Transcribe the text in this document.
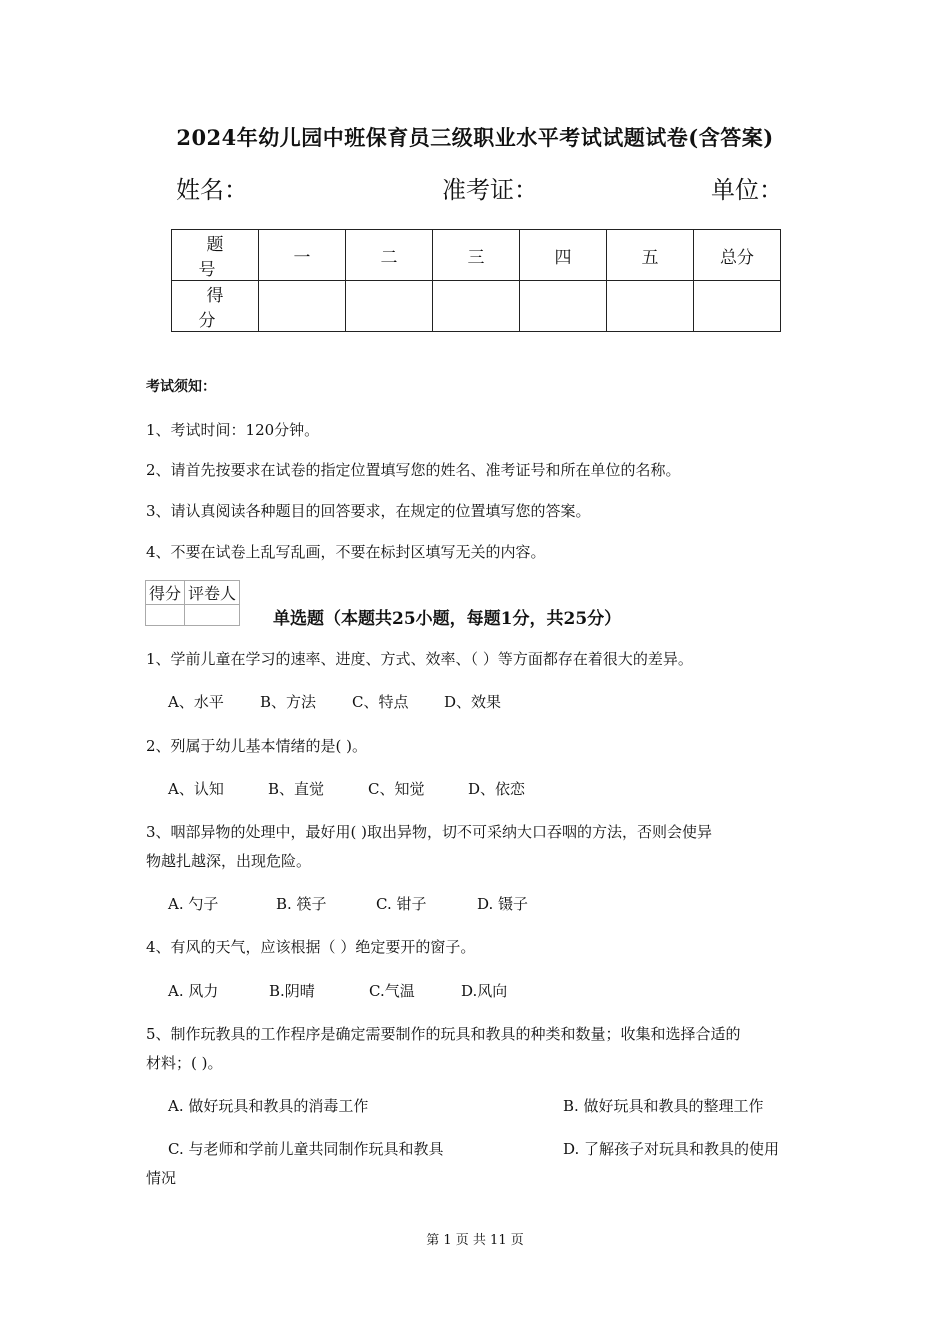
2024年幼儿园中班保育员三级职业水平考试试题试卷(含答案)
姓名：	准考证：	单位：
题 号	一	二	三	四	五	总分
得 分						
考试须知：
1、考试时间：120分钟。
2、请首先按要求在试卷的指定位置填写您的姓名、准考证号和所在单位的名称。
3、请认真阅读各种题目的回答要求，在规定的位置填写您的答案。
4、不要在试卷上乱写乱画，不要在标封区填写无关的内容。
得分	评卷人

单选题（本题共25小题，每题1分，共25分）
1、学前儿童在学习的速率、进度、方式、效率、（ ）等方面都存在着很大的差异。
A、水平 B、方法 C、特点 D、效果
2、列属于幼儿基本情绪的是( )。
A、认知	B、直觉	C、知觉	D、依恋
3、咽部异物的处理中，最好用( )取出异物，切不可采纳大口吞咽的方法，否则会使异
物越扎越深，出现危险。
A. 勺子	B. 筷子	C. 钳子	D. 镊子
4、有风的天气，应该根据（ ）绝定要开的窗子。
A. 风力	B.阴晴	C.气温	D.风向
5、制作玩教具的工作程序是确定需要制作的玩具和教具的种类和数量；收集和选择合适的
材料；( )。
A. 做好玩具和教具的消毒工作	B. 做好玩具和教具的整理工作
C. 与老师和学前儿童共同制作玩具和教具	D. 了解孩子对玩具和教具的使用
情况
第 1 页 共 11 页
